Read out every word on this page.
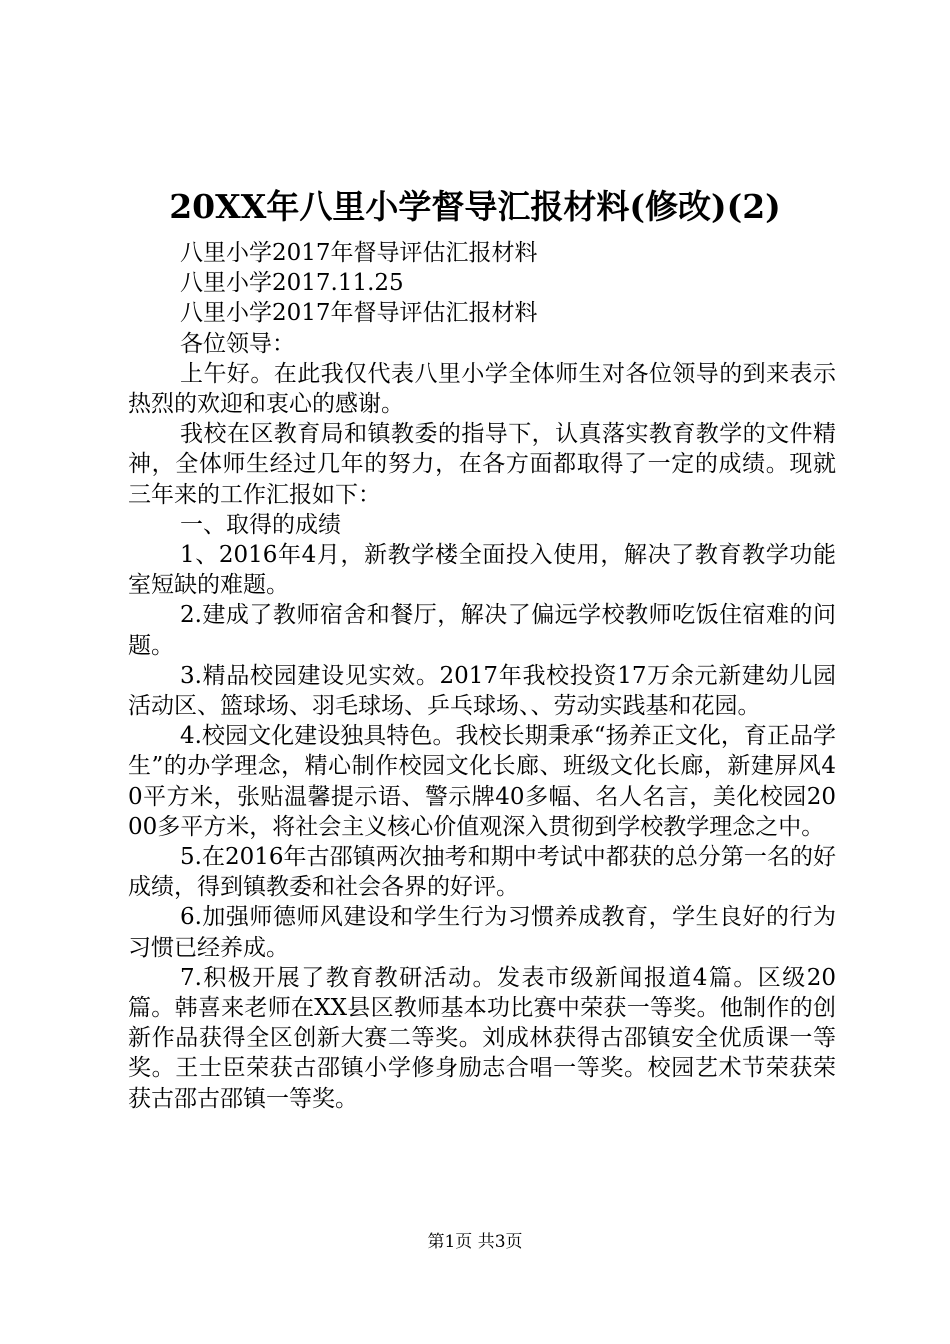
20XX年八里小学督导汇报材料(修改)(2)

八里小学2017年督导评估汇报材料

八里小学2017.11.25

八里小学2017年督导评估汇报材料

各位领导：

上午好。在此我仅代表八里小学全体师生对各位领导的到来表示热烈的欢迎和衷心的感谢。

我校在区教育局和镇教委的指导下，认真落实教育教学的文件精神，全体师生经过几年的努力，在各方面都取得了一定的成绩。现就三年来的工作汇报如下：

一、取得的成绩

1、2016年4月，新教学楼全面投入使用，解决了教育教学功能室短缺的难题。

2.建成了教师宿舍和餐厅，解决了偏远学校教师吃饭住宿难的问题。

3.精品校园建设见实效。2017年我校投资17万余元新建幼儿园活动区、篮球场、羽毛球场、乒乓球场、、劳动实践基和花园。

4.校园文化建设独具特色。我校长期秉承“扬养正文化，育正品学生”的办学理念，精心制作校园文化长廊、班级文化长廊，新建屏风40平方米，张贴温馨提示语、警示牌40多幅、名人名言，美化校园2000多平方米，将社会主义核心价值观深入贯彻到学校教学理念之中。

5.在2016年古邵镇两次抽考和期中考试中都获的总分第一名的好成绩，得到镇教委和社会各界的好评。

6.加强师德师风建设和学生行为习惯养成教育，学生良好的行为习惯已经养成。

7.积极开展了教育教研活动。发表市级新闻报道4篇。区级20篇。韩喜来老师在XX县区教师基本功比赛中荣获一等奖。他制作的创新作品获得全区创新大赛二等奖。刘成林获得古邵镇安全优质课一等奖。王士臣荣获古邵镇小学修身励志合唱一等奖。校园艺术节荣获荣获古邵古邵镇一等奖。

第1页 共3页
